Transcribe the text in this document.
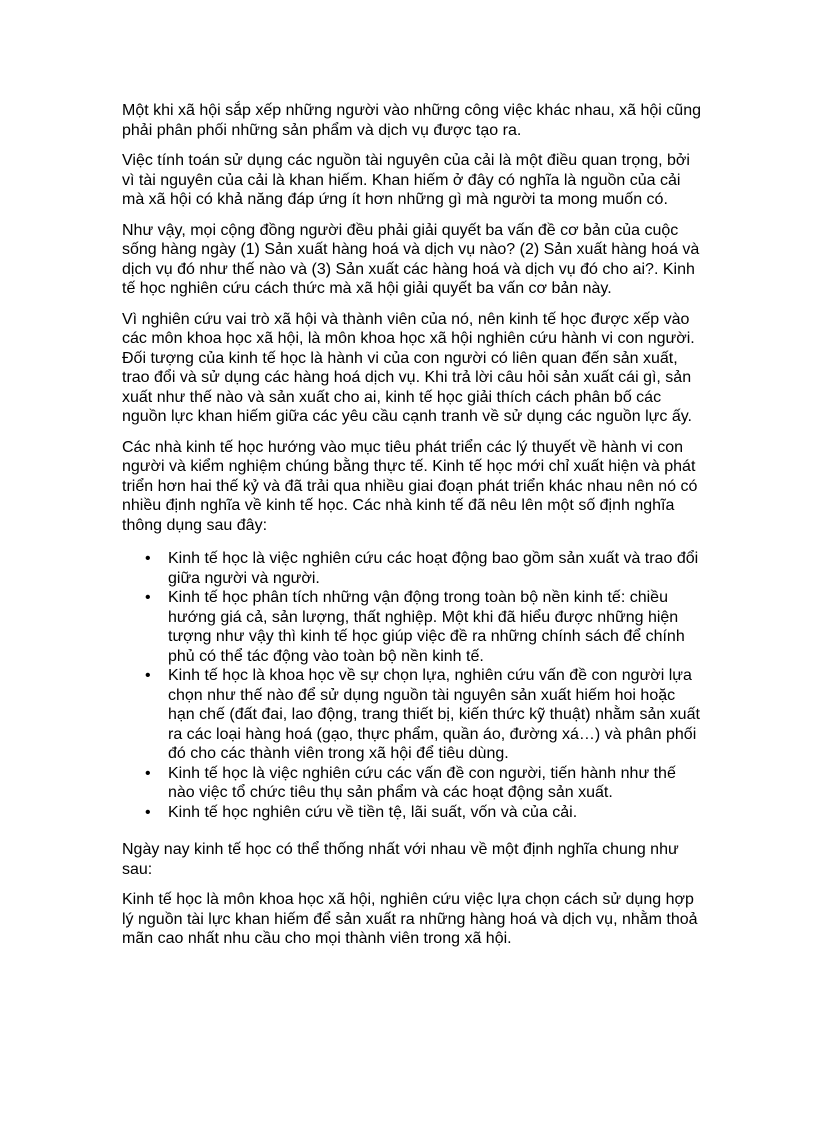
Một khi xã hội sắp xếp những người vào những công việc khác nhau, xã hội cũng phải phân phối những sản phẩm và dịch vụ được tạo ra.

Việc tính toán sử dụng các nguồn tài nguyên của cải là một điều quan trọng, bởi vì tài nguyên của cải là khan hiếm. Khan hiếm ở đây có nghĩa là nguồn của cải mà xã hội có khả năng đáp ứng ít hơn những gì mà người ta mong muốn có.

Như vậy, mọi cộng đồng người đều phải giải quyết ba vấn đề cơ bản của cuộc sống hàng ngày (1) Sản xuất hàng hoá và dịch vụ nào? (2) Sản xuất hàng hoá và dịch vụ đó như thế nào và (3) Sản xuất các hàng hoá và dịch vụ đó cho ai?. Kinh tế học nghiên cứu cách thức mà xã hội giải quyết ba vấn cơ bản này.

Vì nghiên cứu vai trò xã hội và thành viên của nó, nên kinh tế học được xếp vào các môn khoa học xã hội, là môn khoa học xã hội nghiên cứu hành vi con người. Đối tượng của kinh tế học là hành vi của con người có liên quan đến sản xuất, trao đổi và sử dụng các hàng hoá dịch vụ. Khi trả lời câu hỏi sản xuất cái gì, sản xuất như thế nào và sản xuất cho ai, kinh tế học giải thích cách phân bố các nguồn lực khan hiếm giữa các yêu cầu cạnh tranh về sử dụng các nguồn lực ấy.

Các nhà kinh tế học hướng vào mục tiêu phát triển các lý thuyết về hành vi con người và kiểm nghiệm chúng bằng thực tế. Kinh tế học mới chỉ xuất hiện và phát triển hơn hai thế kỷ và đã trải qua nhiều giai đoạn phát triển khác nhau nên nó có nhiều định nghĩa về kinh tế học. Các nhà kinh tế đã nêu lên một số định nghĩa thông dụng sau đây:

• Kinh tế học là việc nghiên cứu các hoạt động bao gồm sản xuất và trao đổi giữa người và người.
• Kinh tế học phân tích những vận động trong toàn bộ nền kinh tế: chiều hướng giá cả, sản lượng, thất nghiệp. Một khi đã hiểu được những hiện tượng như vậy thì kinh tế học giúp việc đề ra những chính sách để chính phủ có thể tác động vào toàn bộ nền kinh tế.
• Kinh tế học là khoa học về sự chọn lựa, nghiên cứu vấn đề con người lựa chọn như thế nào để sử dụng nguồn tài nguyên sản xuất hiếm hoi hoặc hạn chế (đất đai, lao động, trang thiết bị, kiến thức kỹ thuật) nhằm sản xuất ra các loại hàng hoá (gạo, thực phẩm, quần áo, đường xá…) và phân phối đó cho các thành viên trong xã hội để tiêu dùng.
• Kinh tế học là việc nghiên cứu các vấn đề con người, tiến hành như thế nào việc tổ chức tiêu thụ sản phẩm và các hoạt động sản xuất.
• Kinh tế học nghiên cứu về tiền tệ, lãi suất, vốn và của cải.

Ngày nay kinh tế học có thể thống nhất với nhau về một định nghĩa chung như sau:

Kinh tế học là môn khoa học xã hội, nghiên cứu việc lựa chọn cách sử dụng hợp lý nguồn tài lực khan hiếm để sản xuất ra những hàng hoá và dịch vụ, nhằm thoả mãn cao nhất nhu cầu cho mọi thành viên trong xã hội.
